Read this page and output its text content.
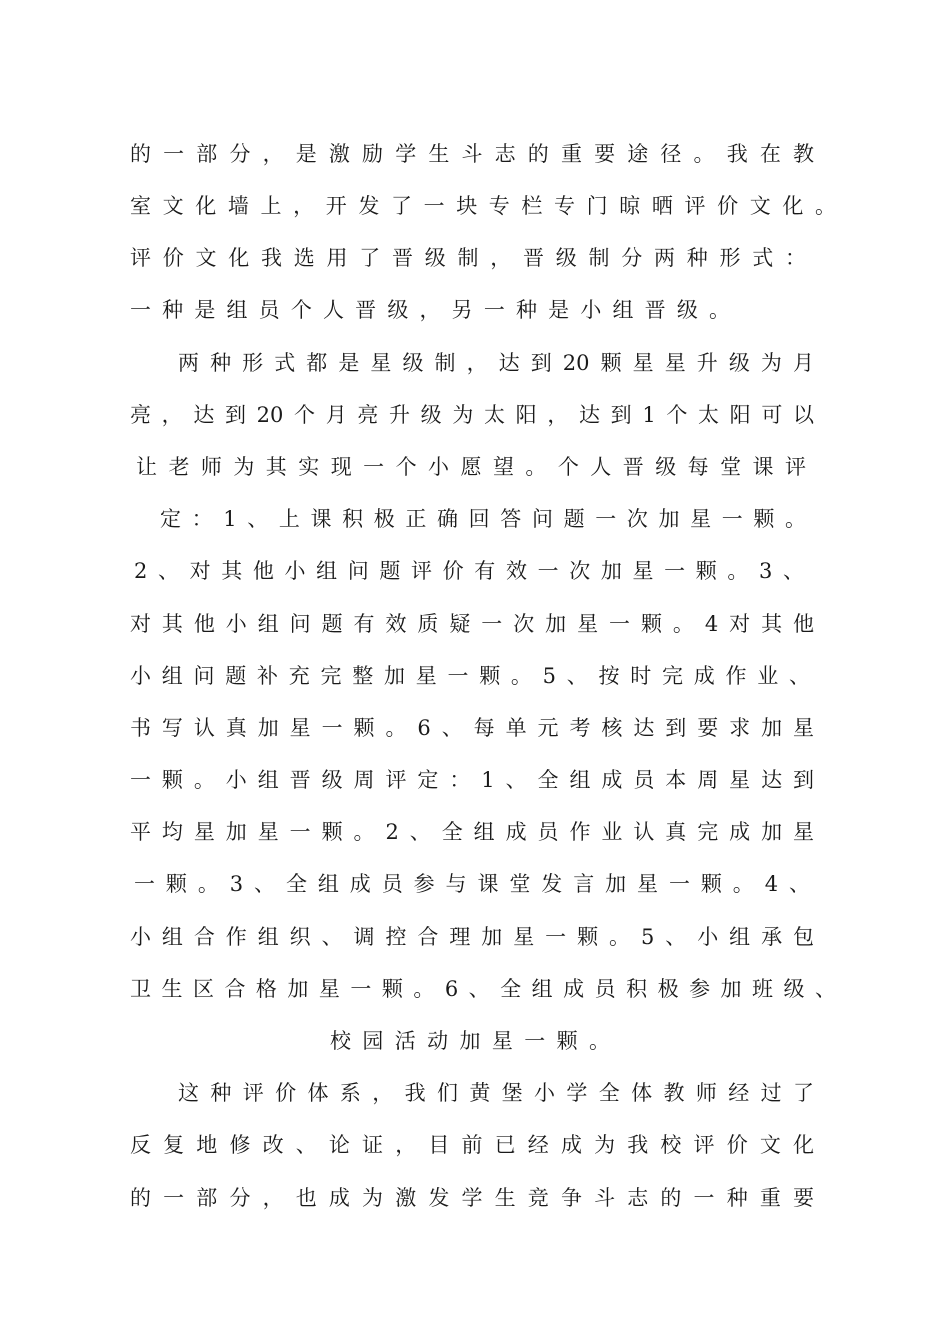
的一部分，是激励学生斗志的重要途径。我在教
室文化墙上，开发了一块专栏专门晾晒评价文化。
评价文化我选用了晋级制，晋级制分两种形式：
一种是组员个人晋级，另一种是小组晋级。
两种形式都是星级制，达到20颗星星升级为月
亮，达到20个月亮升级为太阳，达到1个太阳可以
让老师为其实现一个小愿望。个人晋级每堂课评
定：1、上课积极正确回答问题一次加星一颗。
2、对其他小组问题评价有效一次加星一颗。3、
对其他小组问题有效质疑一次加星一颗。4对其他
小组问题补充完整加星一颗。5、按时完成作业、
书写认真加星一颗。6、每单元考核达到要求加星
一颗。小组晋级周评定：1、全组成员本周星达到
平均星加星一颗。2、全组成员作业认真完成加星
一颗。3、全组成员参与课堂发言加星一颗。4、
小组合作组织、调控合理加星一颗。5、小组承包
卫生区合格加星一颗。6、全组成员积极参加班级、
校园活动加星一颗。
这种评价体系，我们黄堡小学全体教师经过了
反复地修改、论证，目前已经成为我校评价文化
的一部分，也成为激发学生竞争斗志的一种重要
